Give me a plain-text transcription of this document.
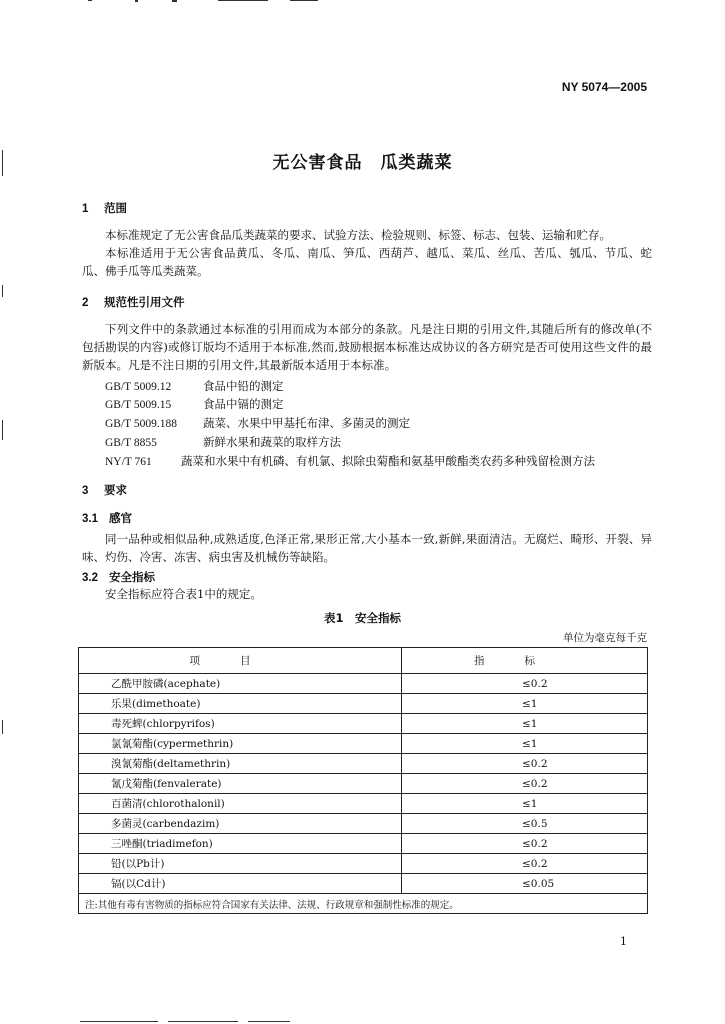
NY 5074—2005
无公害食品　瓜类蔬菜
1 范围

本标准规定了无公害食品瓜类蔬菜的要求、试验方法、检验规则、标签、标志、包装、运输和贮存。

本标准适用于无公害食品黄瓜、冬瓜、南瓜、笋瓜、西葫芦、越瓜、菜瓜、丝瓜、苦瓜、瓠瓜、节瓜、蛇瓜、佛手瓜等瓜类蔬菜。

2 规范性引用文件

下列文件中的条款通过本标准的引用而成为本部分的条款。凡是注日期的引用文件,其随后所有的修改单(不包括勘误的内容)或修订版均不适用于本标准,然而,鼓励根据本标准达成协议的各方研究是否可使用这些文件的最新版本。凡是不注日期的引用文件,其最新版本适用于本标准。

GB/T 5009.12	食品中铅的测定
GB/T 5009.15	食品中镉的测定
GB/T 5009.188 蔬菜、水果中甲基托布津、多菌灵的测定
GB/T 8855	新鲜水果和蔬菜的取样方法
NY/T 761	蔬菜和水果中有机磷、有机氯、拟除虫菊酯和氨基甲酸酯类农药多种残留检测方法
3 要求
3.1 感官

同一品种或相似品种,成熟适度,色泽正常,果形正常,大小基本一致,新鲜,果面清洁。无腐烂、畸形、开裂、异味、灼伤、冷害、冻害、病虫害及机械伤等缺陷。

3.2 安全指标
安全指标应符合表1中的规定。
表1　安全指标
单位为毫克每千克
项目	指标
乙酰甲胺磷(acephate)	≤0.2
乐果(dimethoate)	≤1
毒死蜱(chlorpyrifos)	≤1
氯氰菊酯(cypermethrin)	≤1
溴氰菊酯(deltamethrin)	≤0.2
氰戊菊酯(fenvalerate)	≤0.2
百菌清(chlorothalonil)	≤1
多菌灵(carbendazim)	≤0.5
三唑酮(triadimefon)	≤0.2
铅(以Pb计)	≤0.2
镉(以Cd计)	≤0.05
注:其他有毒有害物质的指标应符合国家有关法律、法规、行政规章和强制性标准的规定。	
1
